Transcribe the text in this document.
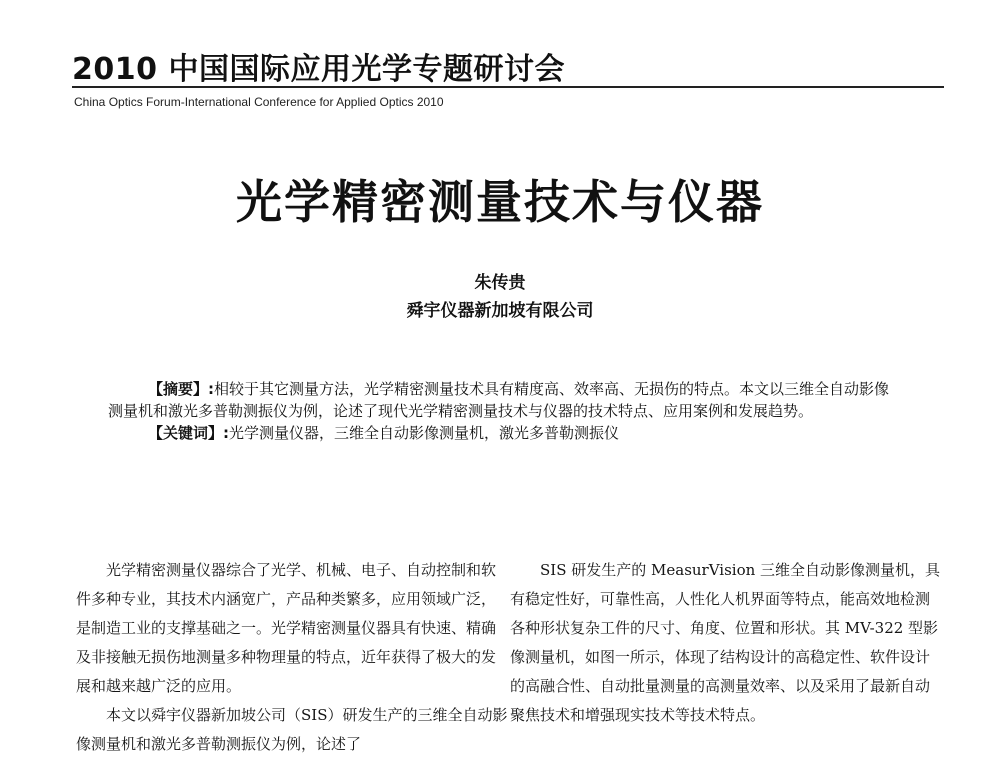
2010 中国国际应用光学专题研讨会
China Optics Forum-International Conference for Applied Optics 2010
光学精密测量技术与仪器
朱传贵
舜宇仪器新加坡有限公司

【摘要】:相较于其它测量方法，光学精密测量技术具有精度高、效率高、无损伤的特点。本文以三维全自动影像测量机和激光多普勒测振仪为例，论述了现代光学精密测量技术与仪器的技术特点、应用案例和发展趋势。

【关键词】:光学测量仪器，三维全自动影像测量机，激光多普勒测振仪

光学精密测量仪器综合了光学、机械、电子、自动控制和软件多种专业，其技术内涵宽广，产品种类繁多，应用领域广泛，是制造工业的支撑基础之一。光学精密测量仪器具有快速、精确及非接触无损伤地测量多种物理量的特点，近年获得了极大的发展和越来越广泛的应用。

本文以舜宇仪器新加坡公司（SIS）研发生产的三维全自动影像测量机和激光多普勒测振仪为例，论述了

SIS 研发生产的 MeasurVision 三维全自动影像测量机，具有稳定性好，可靠性高，人性化人机界面等特点，能高效地检测各种形状复杂工件的尺寸、角度、位置和形状。其 MV-322 型影像测量机，如图一所示，体现了结构设计的高稳定性、软件设计的高融合性、自动批量测量的高测量效率、以及采用了最新自动聚焦技术和增强现实技术等技术特点。
